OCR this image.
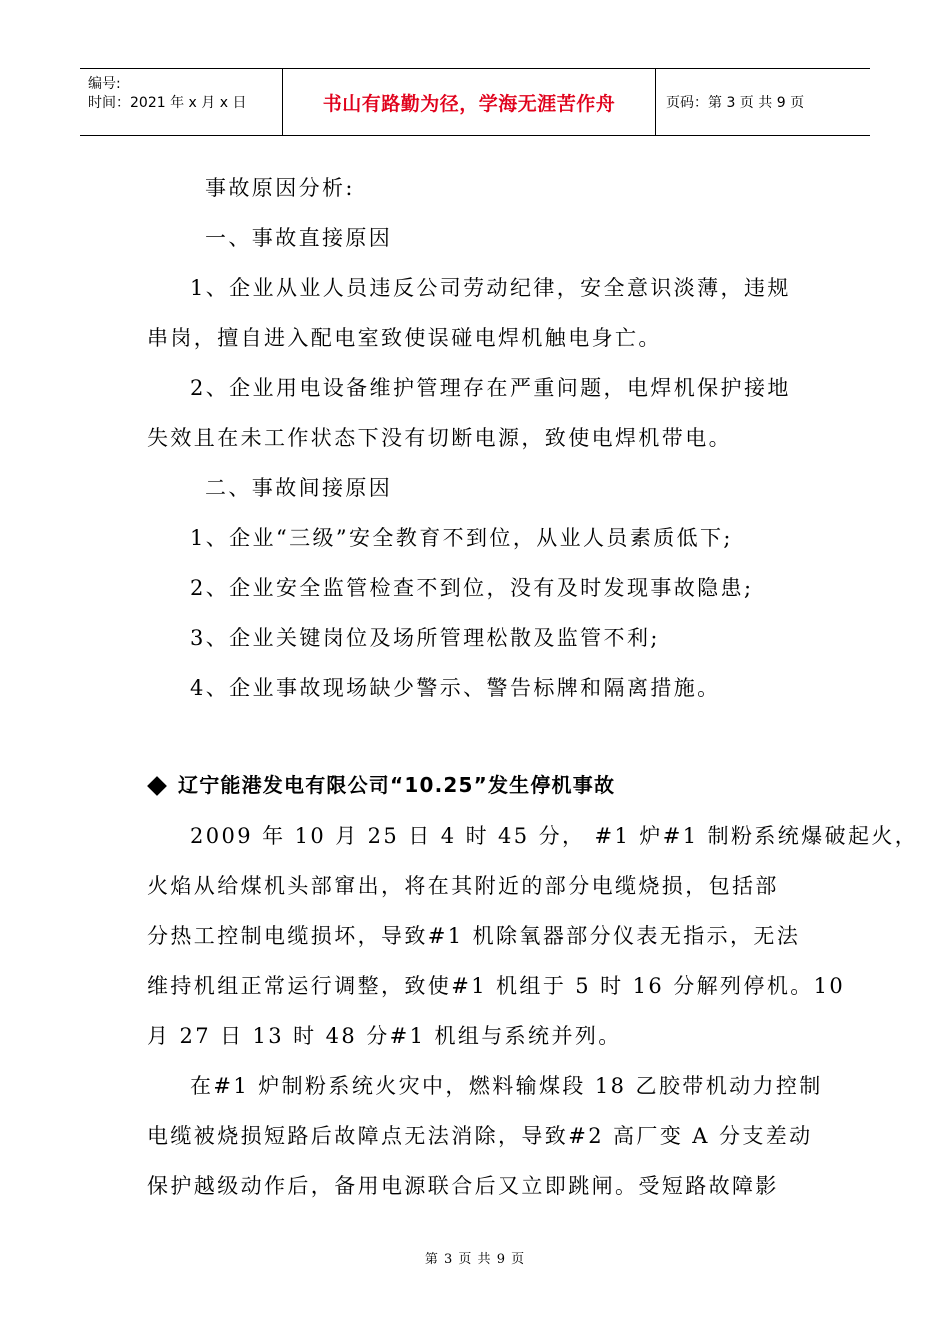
编号:
时间：2021 年 x 月 x 日	书山有路勤为径，学海无涯苦作舟	页码：第 3 页 共 9 页
事故原因分析:
一、事故直接原因
1、企业从业人员违反公司劳动纪律，安全意识淡薄，违规
串岗，擅自进入配电室致使误碰电焊机触电身亡。
2、企业用电设备维护管理存在严重问题，电焊机保护接地
失效且在未工作状态下没有切断电源，致使电焊机带电。
二、事故间接原因
1、企业“三级”安全教育不到位，从业人员素质低下;
2、企业安全监管检查不到位，没有及时发现事故隐患;
3、企业关键岗位及场所管理松散及监管不利;
4、企业事故现场缺少警示、警告标牌和隔离措施。
辽宁能港发电有限公司“10.25”发生停机事故
2009 年 10 月 25 日 4 时 45 分， #1 炉#1 制粉系统爆破起火，
火焰从给煤机头部窜出，将在其附近的部分电缆烧损，包括部
分热工控制电缆损坏，导致#1 机除氧器部分仪表无指示，无法
维持机组正常运行调整，致使#1 机组于 5 时 16 分解列停机。10
月 27 日 13 时 48 分#1 机组与系统并列。
在#1 炉制粉系统火灾中，燃料输煤段 18 乙胶带机动力控制
电缆被烧损短路后故障点无法消除，导致#2 高厂变 A 分支差动
保护越级动作后，备用电源联合后又立即跳闸。受短路故障影
第 3 页 共 9 页
